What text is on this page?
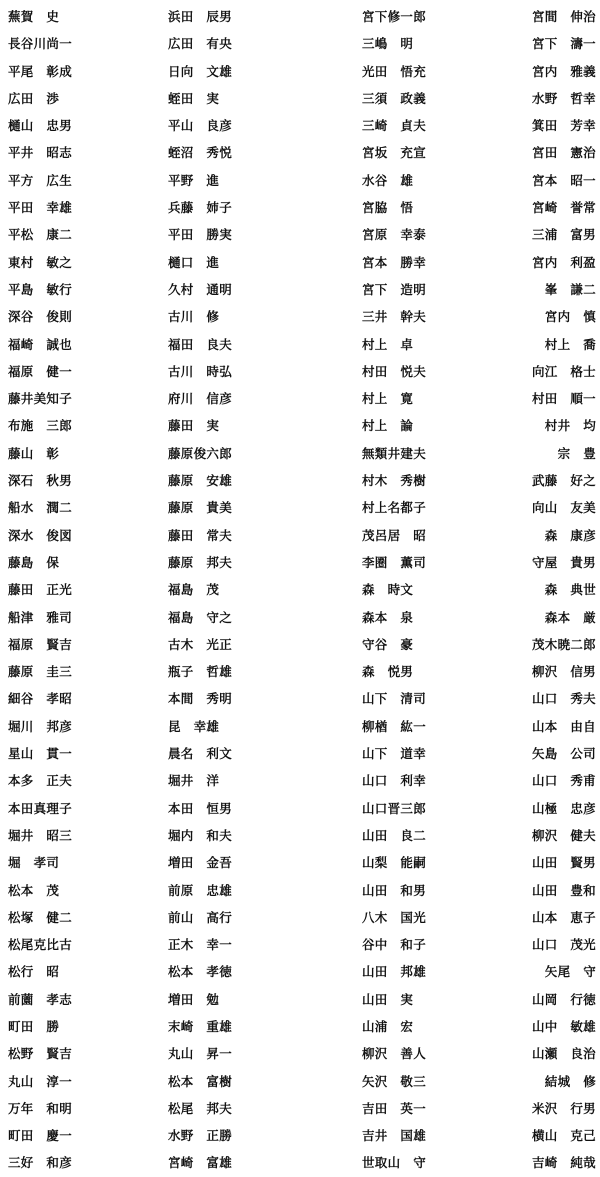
蕪賀　史
長谷川尚一
平尾　彰成
広田　渉
樋山　忠男
平井　昭志
平方　広生
平田　幸雄
平松　康二
東村　敏之
平島　敏行
深谷　俊則
福崎　誠也
福原　健一
藤井美知子
布施　三郎
藤山　彰
深石　秋男
船水　潤二
深水　俊図
藤島　保
藤田　正光
船津　雅司
福原　賢吉
藤原　圭三
細谷　孝昭
堀川　邦彦
星山　貫一
本多　正夫
本田真理子
堀井　昭三
堀　孝司
松本　茂
松塚　健二
松尾克比古
松行　昭
前薗　孝志
町田　勝
松野　賢吉
丸山　淳一
万年　和明
町田　慶一
三好　和彦
浜田　辰男
広田　有央
日向　文雄
蛭田　実
平山　良彦
蛭沼　秀悦
平野　進
兵藤　姉子
平田　勝実
樋口　進
久村　通明
古川　修
福田　良夫
古川　時弘
府川　信彦
藤田　実
藤原俊六郎
藤原　安雄
藤原　貴美
藤田　常夫
藤原　邦夫
福島　茂
福島　守之
古木　光正
瓶子　哲雄
本間　秀明
昆　幸雄
晨名　利文
堀井　洋
本田　恒男
堀内　和夫
増田　金吾
前原　忠雄
前山　高行
正木　幸一
松本　孝徳
増田　勉
末崎　重雄
丸山　昇一
松本　富樹
松尾　邦夫
水野　正勝
宮崎　富雄
宮下修一郎
三嶋　明
光田　悟充
三須　政義
三崎　貞夫
宮坂　充宣
水谷　雄
宮脇　悟
宮原　幸泰
宮本　勝幸
宮下　造明
三井　幹夫
村上　卓
村田　悦夫
村上　寛
村上　論
無類井建夫
村木　秀樹
村上名都子
茂呂居　昭
李圏　薫司
森　時文
森本　泉
守谷　豪
森　悦男
山下　清司
柳楢　紘一
山下　道幸
山口　利幸
山口晋三郎
山田　良二
山梨　能嗣
山田　和男
八木　国光
谷中　和子
山田　邦雄
山田　実
山浦　宏
柳沢　善人
矢沢　敬三
吉田　英一
吉井　国雄
世取山　守
宮間　伸治
宮下　濤一
宮内　雅義
水野　哲幸
箕田　芳幸
宮田　憲治
宮本　昭一
宮崎　誉常
三浦　富男
宮内　利盈
峯　謙二
宮内　慎
村上　喬
向江　格士
村田　順一
村井　均
宗　豊
武藤　好之
向山　友美
森　康彦
守屋　貴男
森　典世
森本　厳
茂木暁二郎
柳沢　信男
山口　秀夫
山本　由自
矢島　公司
山口　秀甫
山極　忠彦
柳沢　健夫
山田　賢男
山田　豊和
山本　恵子
山口　茂光
矢尾　守
山岡　行徳
山中　敏雄
山瀬　良治
結城　修
米沢　行男
横山　克己
吉崎　純哉
